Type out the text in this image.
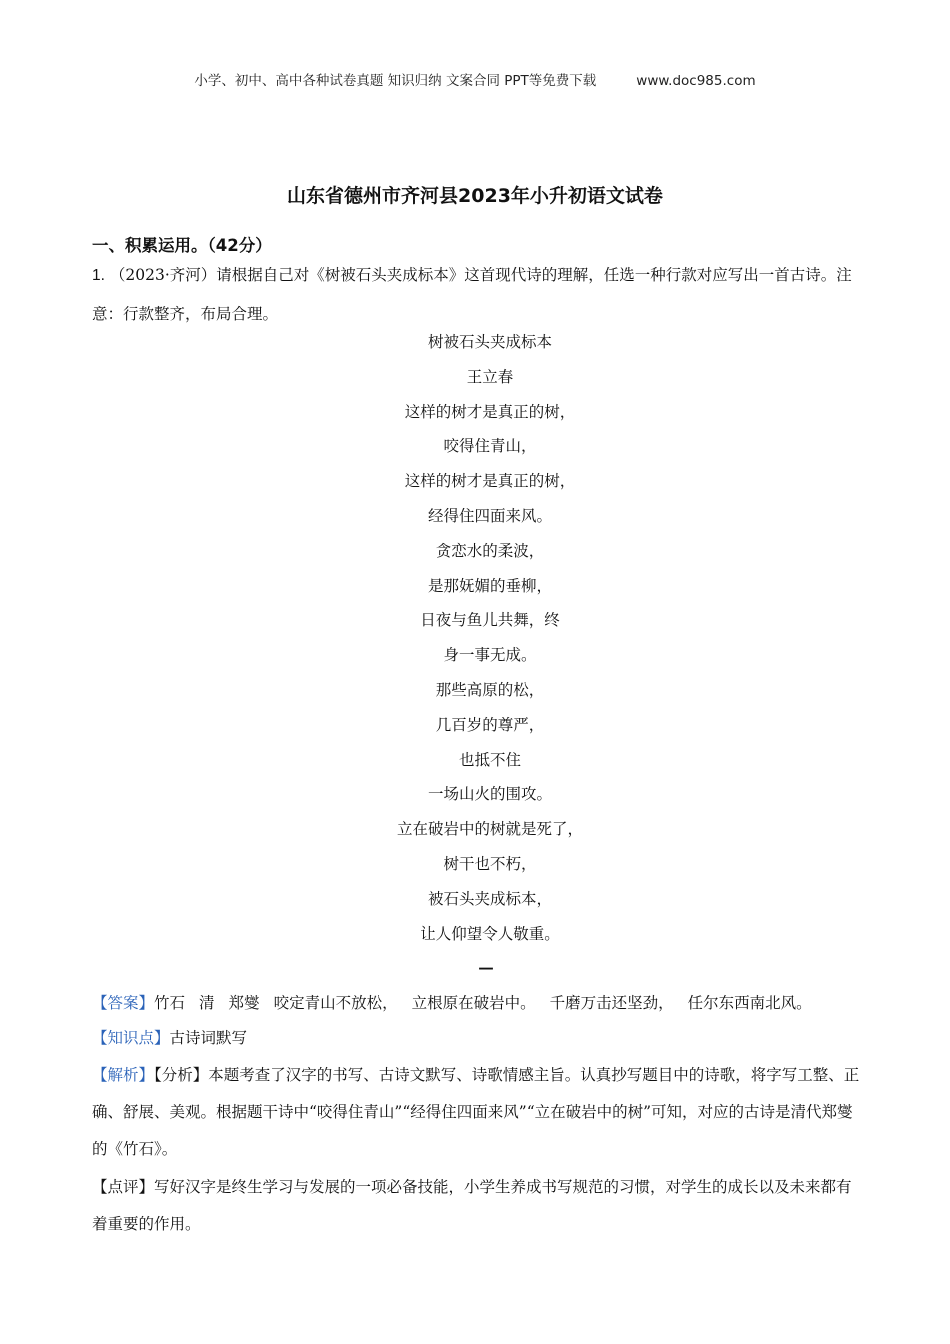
小学、初中、高中各种试卷真题 知识归纳 文案合同 PPT等免费下载	www.doc985.com
山东省德州市齐河县2023年小升初语文试卷
一、积累运用。（42分）
1. （2023·齐河）请根据自己对《树被石头夹成标本》这首现代诗的理解，任选一种行款对应写出一首古诗。注意：行款整齐，布局合理。
树被石头夹成标本
王立春
这样的树才是真正的树，
咬得住青山，
这样的树才是真正的树，
经得住四面来风。
贪恋水的柔波，
是那妩媚的垂柳，
日夜与鱼儿共舞，终
身一事无成。
那些高原的松，
几百岁的尊严，
也抵不住
一场山火的围攻。
立在破岩中的树就是死了，
树干也不朽，
被石头夹成标本，
让人仰望令人敬重。
—
【答案】竹石 清 郑燮 咬定青山不放松， 立根原在破岩中。 千磨万击还坚劲， 任尔东西南北风。
【知识点】古诗词默写
【解析】【分析】本题考查了汉字的书写、古诗文默写、诗歌情感主旨。认真抄写题目中的诗歌，将字写工整、正确、舒展、美观。根据题干诗中“咬得住青山”“经得住四面来风”“立在破岩中的树”可知，对应的古诗是清代郑燮的《竹石》。
【点评】写好汉字是终生学习与发展的一项必备技能，小学生养成书写规范的习惯，对学生的成长以及未来都有着重要的作用。
